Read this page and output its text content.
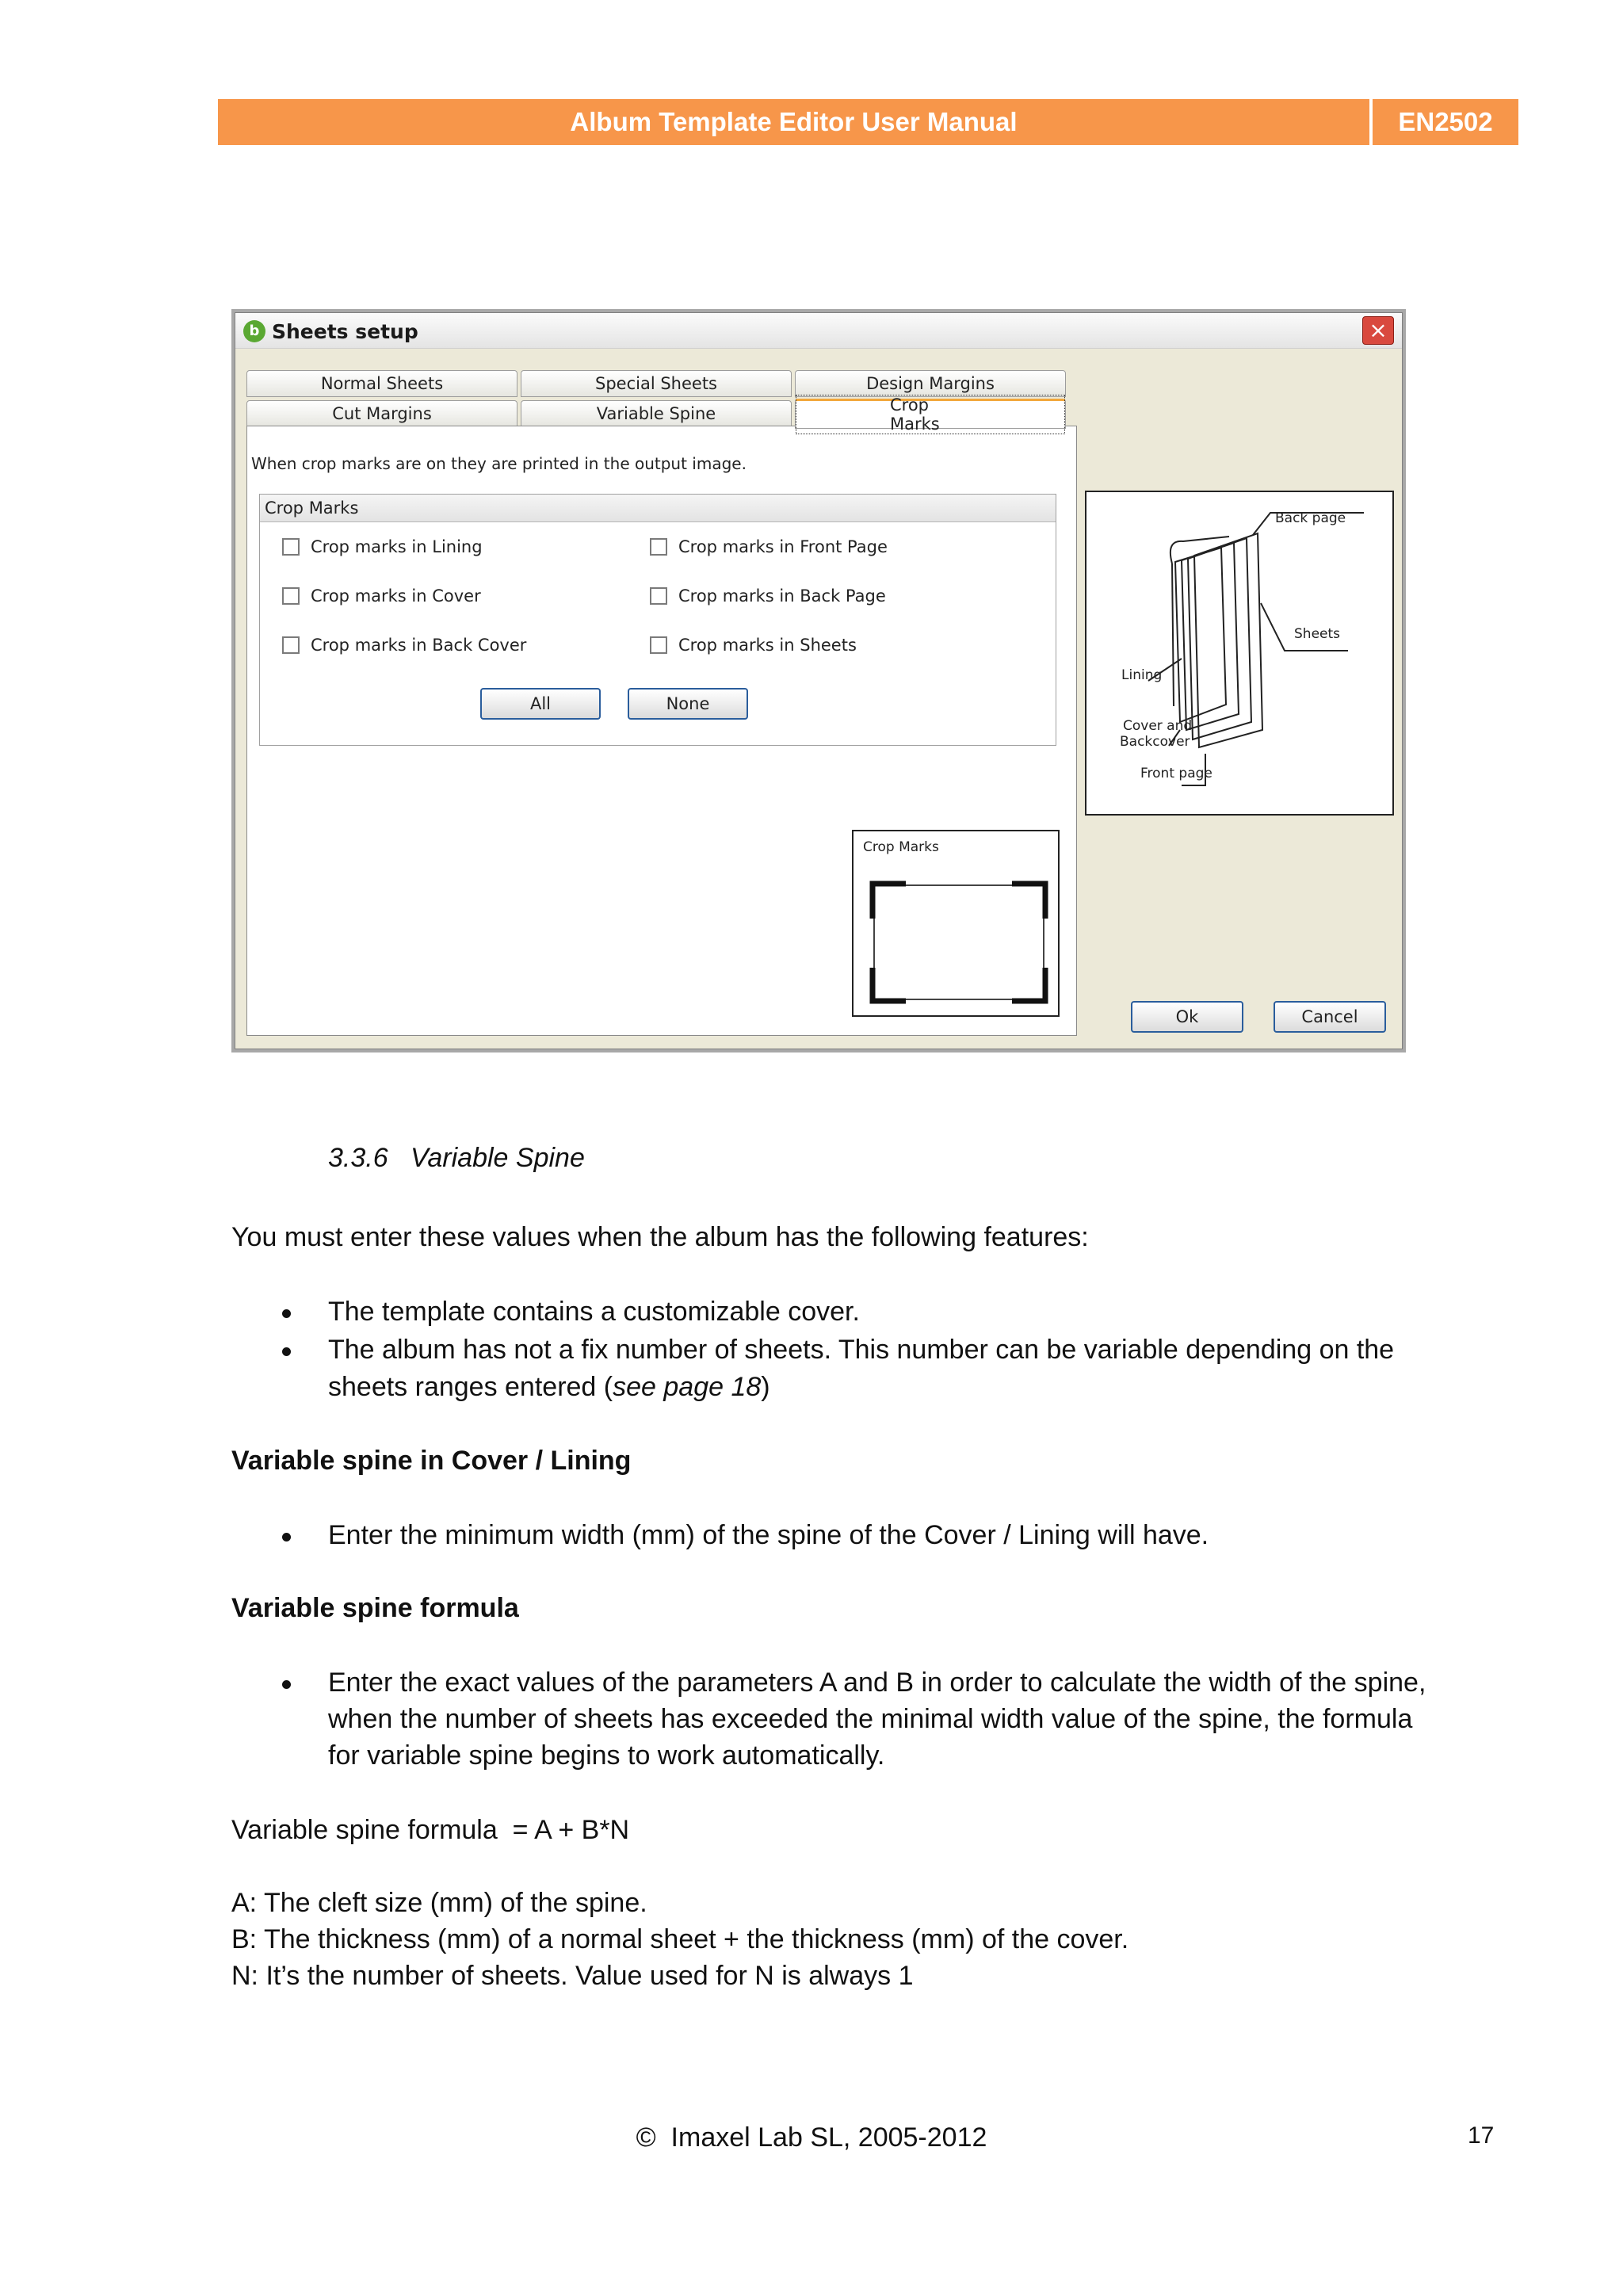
Album Template Editor User Manual	EN2502
b Sheets setup	×
Normal Sheets	Special Sheets	Design Margins
Cut Margins	Variable Spine	Crop Marks
When crop marks are on they are printed in the output image.
Crop Marks
Crop marks in Lining	Crop marks in Front Page
Crop marks in Cover	Crop marks in Back Page
Crop marks in Back Cover	Crop marks in Sheets
All	None
Crop Marks
Back page
Sheets
Lining
Cover and
Backcover
Front page
Ok	Cancel
3.3.6 Variable Spine
You must enter these values when the album has the following features:
The template contains a customizable cover.
The album has not a fix number of sheets. This number can be variable depending on the
sheets ranges entered (see page 18)
Variable spine in Cover / Lining
Enter the minimum width (mm) of the spine of the Cover / Lining will have.
Variable spine formula
Enter the exact values of the parameters A and B in order to calculate the width of the spine,
when the number of sheets has exceeded the minimal width value of the spine, the formula
for variable spine begins to work automatically.
Variable spine formula  = A + B*N
A: The cleft size (mm) of the spine.
B: The thickness (mm) of a normal sheet + the thickness (mm) of the cover.
N: It’s the number of sheets. Value used for N is always 1
©  Imaxel Lab SL, 2005-2012	17
